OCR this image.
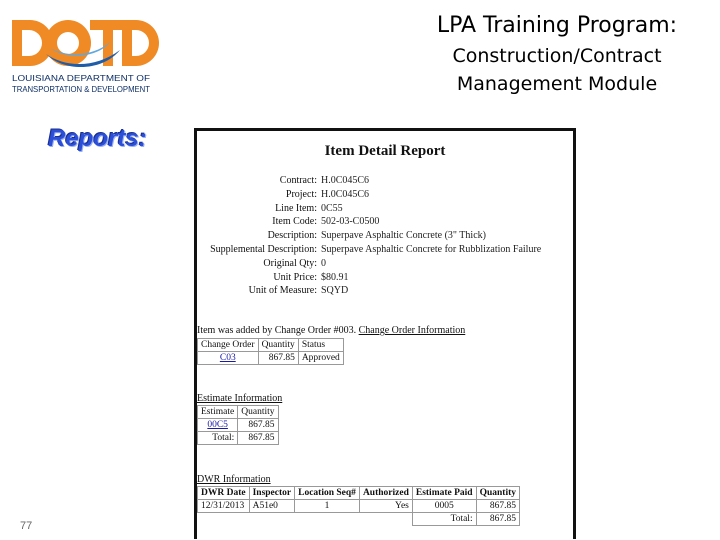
LOUISIANA DEPARTMENT OF
TRANSPORTATION & DEVELOPMENT
LPA Training Program:
Construction/Contract
Management Module
Reports:
77
Item Detail Report
Contract: H.0C045C6
Project: H.0C045C6
Line Item: 0C55
Item Code: 502-03-C0500
Description: Superpave Asphaltic Concrete (3" Thick)
Supplemental Description: Superpave Asphaltic Concrete for Rubblization Failure
Original Qty: 0
Unit Price: $80.91
Unit of Measure: SQYD
Item was added by Change Order #003. Change Order Information
Change Order	Quantity	Status
C03	867.85	Approved
Estimate Information
Estimate	Quantity
00C5	867.85
Total:	867.85
DWR Information
DWR Date	Inspector	Location Seq#	Authorized	Estimate Paid	Quantity
12/31/2013	A51e0	1	Yes	0005	867.85
				Total:	867.85
